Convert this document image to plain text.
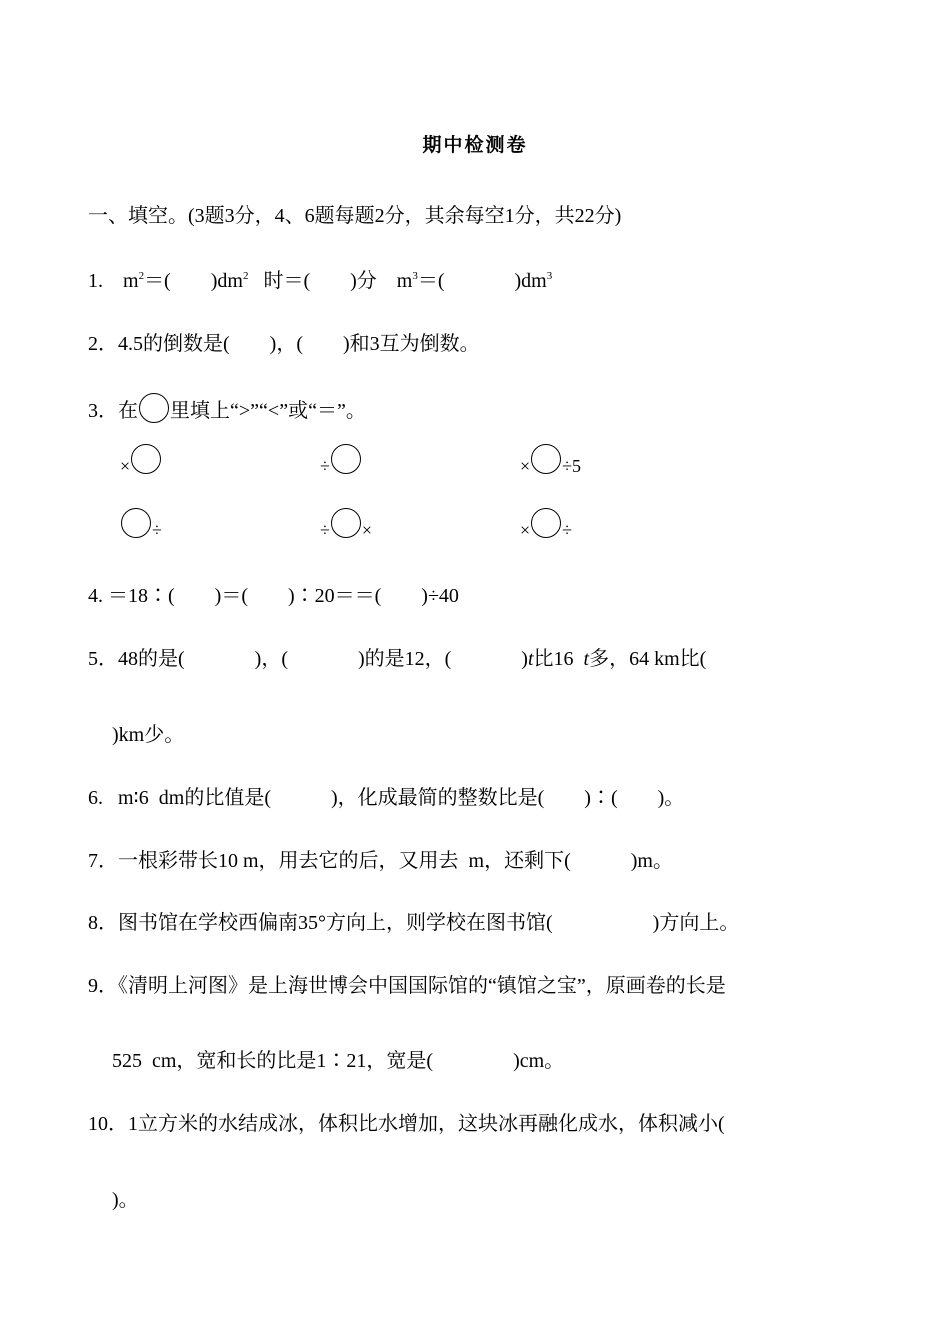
期中检测卷
一、填空。(3题3分，4、6题每题2分，其余每空1分，共22分)
1.    $m^2=$(        )$dm^2$   时＝(        )分    $m^3=$(              )$dm^3$
2．4.5的倒数是(        )，(        )和3互为倒数。
3．在 里填上“>”“<”或“＝”。
×	÷	× ÷5
÷	÷ ×	× ÷
4. ＝18∶(        )＝(        )∶20＝＝(        )÷40
5．48的是(              )，(              )的是12，(              )t比16  t多，64 km比(
)km少。
6.   m∶6  dm的比值是(            )，化成最简的整数比是(        )∶(        )。
7．一根彩带长10 m，用去它的后，又用去  m，还剩下(            )m。
8．图书馆在学校西偏南35°方向上，则学校在图书馆(                    )方向上。
9．《清明上河图》是上海世博会中国国际馆的“镇馆之宝”，原画卷的长是
525  cm，宽和长的比是1∶21，宽是(                )cm。
10．1立方米的水结成冰，体积比水增加，这块冰再融化成水，体积减小(
)。
